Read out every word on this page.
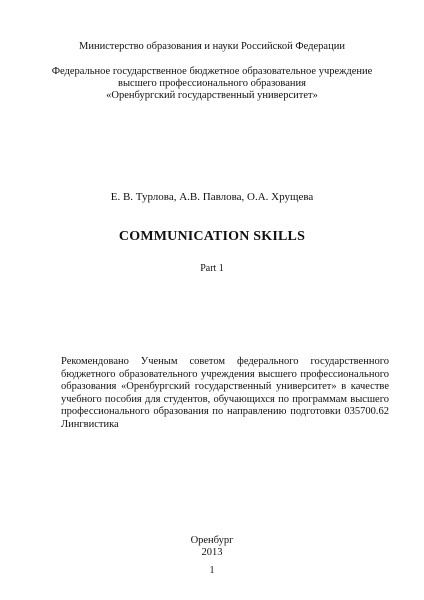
Министерство образования и науки Российской Федерации
Федеральное государственное бюджетное образовательное учреждение
высшего профессионального образования
«Оренбургский государственный университет»
Е. В. Турлова, А.В. Павлова, О.А. Хрущева
COMMUNICATION SKILLS
Part 1
Рекомендовано Ученым советом федерального государственного бюджетного образовательного учреждения высшего профессионального образования «Оренбургский государственный университет» в качестве учебного пособия для студентов, обучающихся по программам высшего профессионального образования по направлению подготовки 035700.62 Лингвистика
Оренбург
2013
1
